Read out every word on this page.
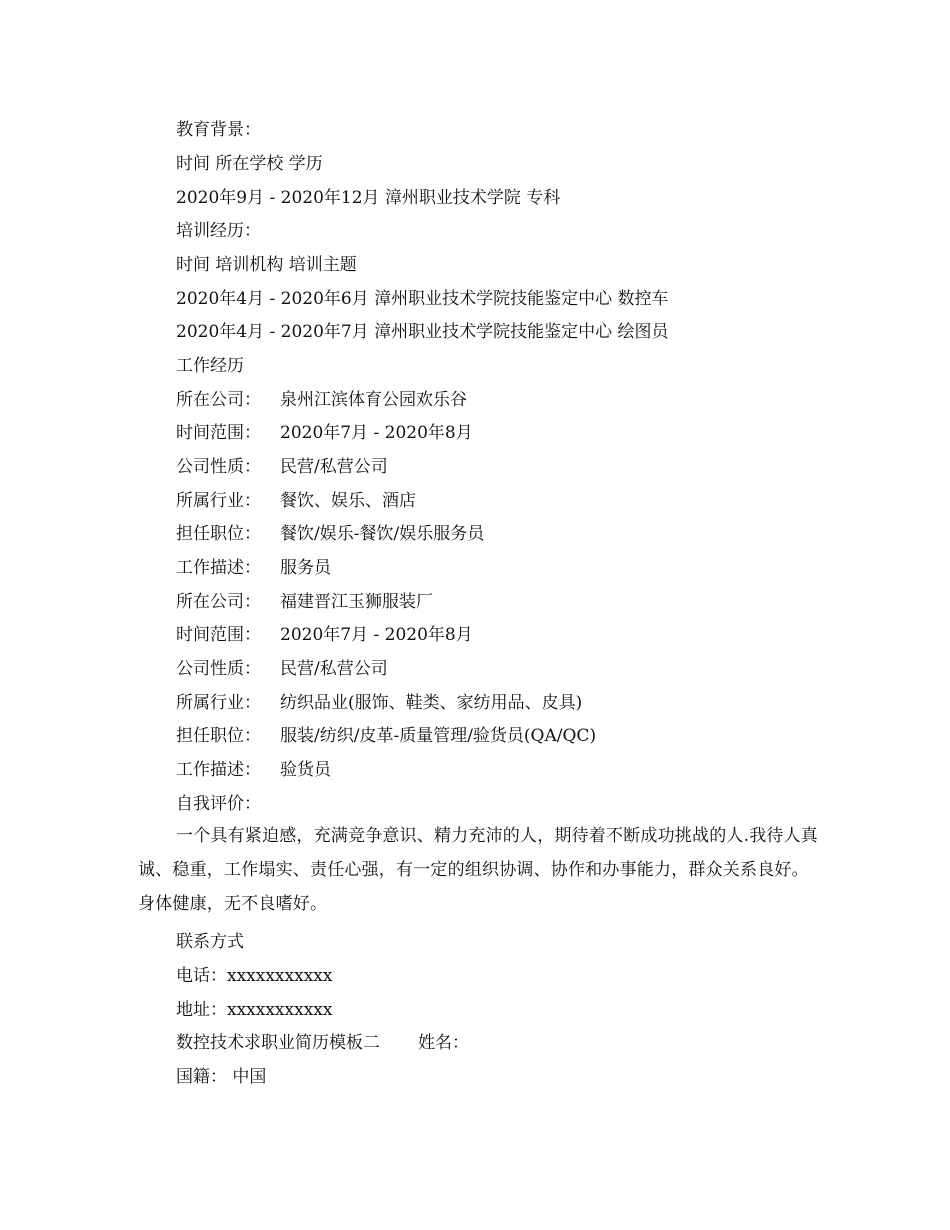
教育背景：
时间 所在学校 学历
2020年9月 - 2020年12月 漳州职业技术学院 专科
培训经历：
时间 培训机构 培训主题
2020年4月 - 2020年6月 漳州职业技术学院技能鉴定中心 数控车
2020年4月 - 2020年7月 漳州职业技术学院技能鉴定中心 绘图员
工作经历
所在公司： 泉州江滨体育公园欢乐谷
时间范围： 2020年7月 - 2020年8月
公司性质： 民营/私营公司
所属行业： 餐饮、娱乐、酒店
担任职位： 餐饮/娱乐-餐饮/娱乐服务员
工作描述： 服务员
所在公司： 福建晋江玉狮服装厂
时间范围： 2020年7月 - 2020年8月
公司性质： 民营/私营公司
所属行业： 纺织品业(服饰、鞋类、家纺用品、皮具)
担任职位： 服装/纺织/皮革-质量管理/验货员(QA/QC)
工作描述： 验货员
自我评价：
一个具有紧迫感，充满竞争意识、精力充沛的人，期待着不断成功挑战的人.我待人真诚、稳重，工作塌实、责任心强，有一定的组织协调、协作和办事能力，群众关系良好。身体健康，无不良嗜好。
联系方式
电话：xxxxxxxxxxx
地址：xxxxxxxxxxx
数控技术求职业简历模板二 姓名：
国籍： 中国
